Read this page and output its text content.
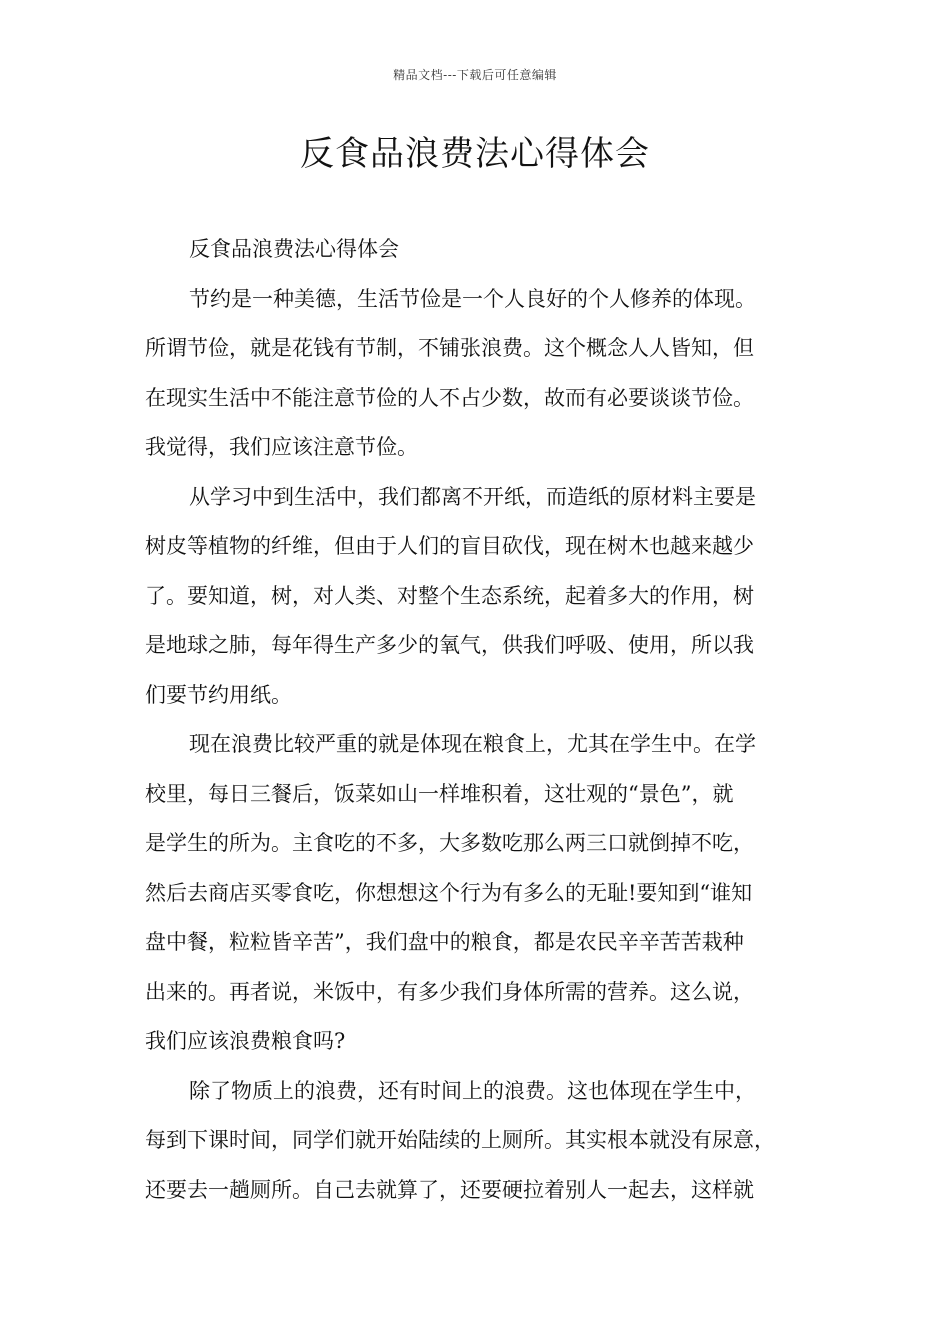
精品文档---下载后可任意编辑
反食品浪费法心得体会
反食品浪费法心得体会
节约是一种美德，生活节俭是一个人良好的个人修养的体现。
所谓节俭，就是花钱有节制，不铺张浪费。这个概念人人皆知，但
在现实生活中不能注意节俭的人不占少数，故而有必要谈谈节俭。
我觉得，我们应该注意节俭。
从学习中到生活中，我们都离不开纸，而造纸的原材料主要是
树皮等植物的纤维，但由于人们的盲目砍伐，现在树木也越来越少
了。要知道，树，对人类、对整个生态系统，起着多大的作用，树
是地球之肺，每年得生产多少的氧气，供我们呼吸、使用，所以我
们要节约用纸。
现在浪费比较严重的就是体现在粮食上，尤其在学生中。在学
校里，每日三餐后，饭菜如山一样堆积着，这壮观的“景色”，就
是学生的所为。主食吃的不多，大多数吃那么两三口就倒掉不吃，
然后去商店买零食吃，你想想这个行为有多么的无耻!要知到“谁知
盘中餐，粒粒皆辛苦”，我们盘中的粮食，都是农民辛辛苦苦栽种
出来的。再者说，米饭中，有多少我们身体所需的营养。这么说，
我们应该浪费粮食吗?
除了物质上的浪费，还有时间上的浪费。这也体现在学生中，
每到下课时间，同学们就开始陆续的上厕所。其实根本就没有尿意，
还要去一趟厕所。自己去就算了，还要硬拉着别人一起去，这样就
